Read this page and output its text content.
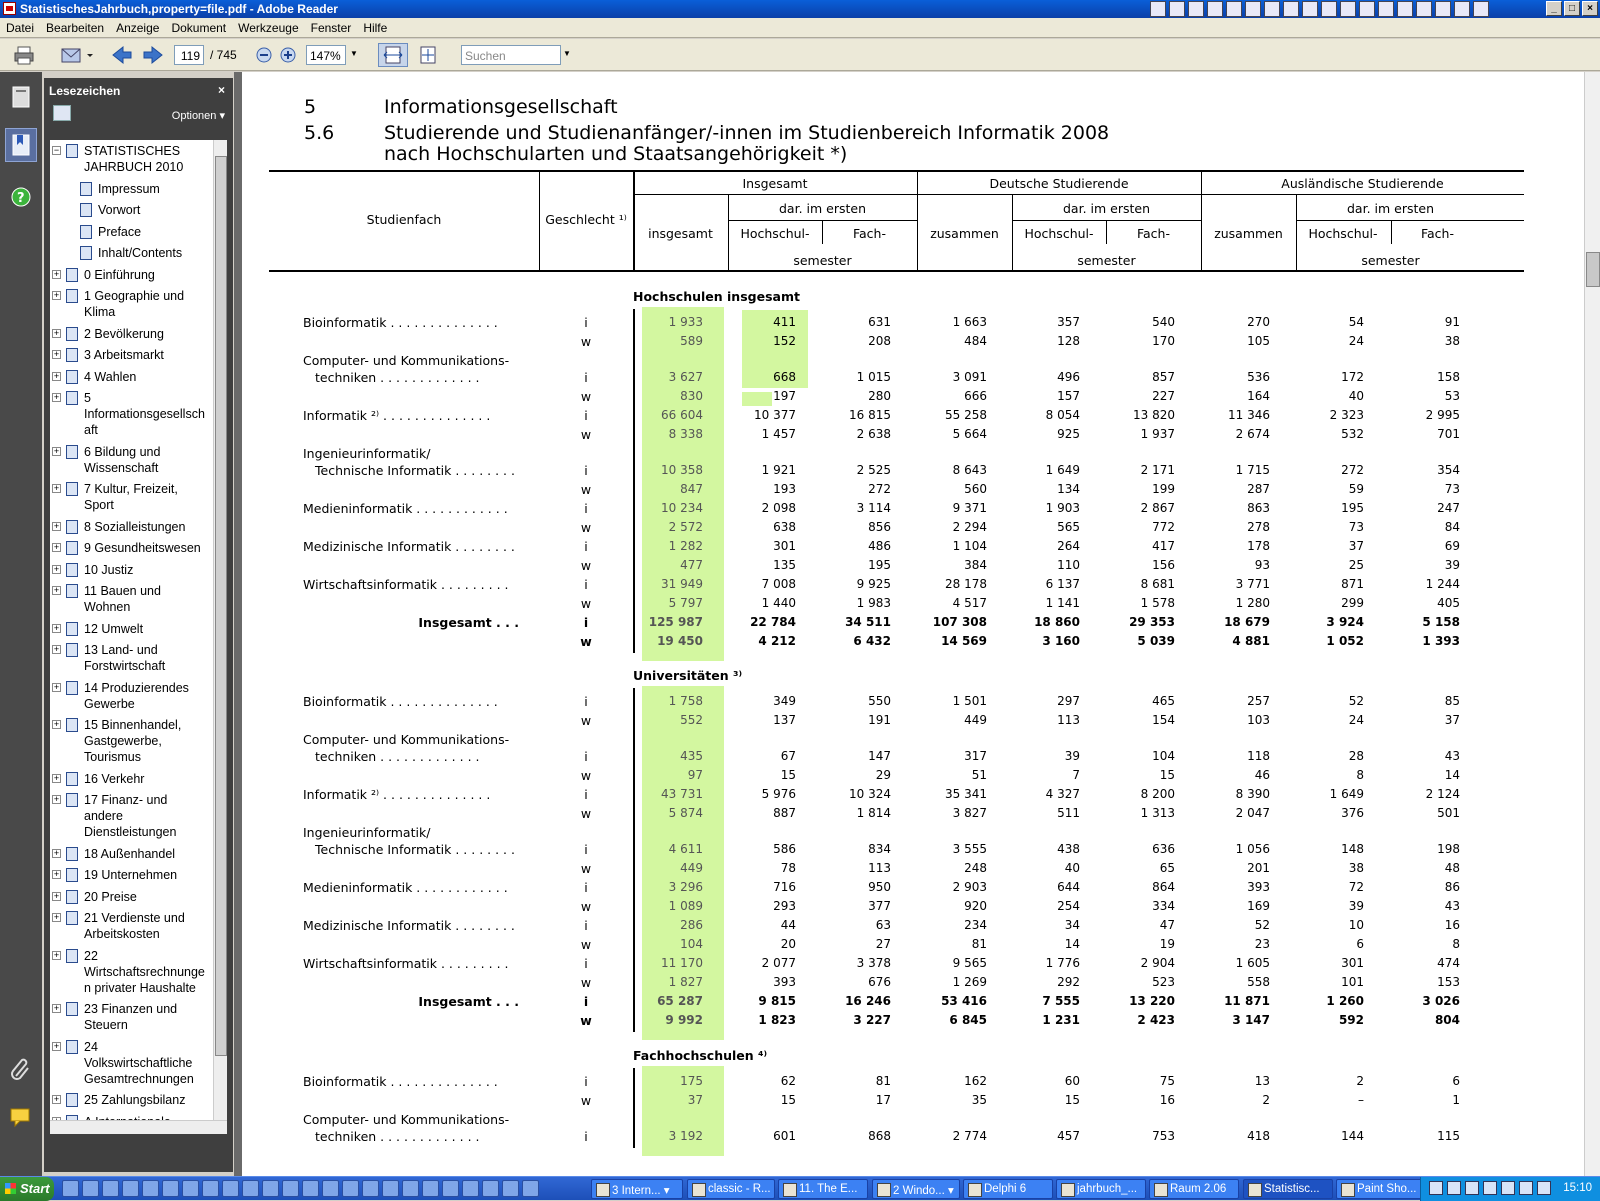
StatistischesJahrbuch,property=file.pdf - Adobe Reader	_	□	×
Datei	Bearbeiten	Anzeige	Dokument	Werkzeuge	Fenster	Hilfe
119 / 745	147%	▼	Suchen	▼
?
Lesezeichen	×
Optionen ▾
− STATISTISCHES
JAHRBUCH 2010
Impressum
Vorwort
Preface
Inhalt/Contents
+ 0 Einführung
+ 1 Geographie und
Klima
+ 2 Bevölkerung
+ 3 Arbeitsmarkt
+ 4 Wahlen
+ 5
Informationsgesellsch
aft
+ 6 Bildung und
Wissenschaft
+ 7 Kultur, Freizeit,
Sport
+ 8 Sozialleistungen
+ 9 Gesundheitswesen
+ 10 Justiz
+ 11 Bauen und
Wohnen
+ 12 Umwelt
+ 13 Land- und
Forstwirtschaft
+ 14 Produzierendes
Gewerbe
+ 15 Binnenhandel,
Gastgewerbe,
Tourismus
+ 16 Verkehr
+ 17 Finanz- und
andere
Dienstleistungen
+ 18 Außenhandel
+ 19 Unternehmen
+ 20 Preise
+ 21 Verdienste und
Arbeitskosten
+ 22
Wirtschaftsrechnunge
n privater Haushalte
+ 23 Finanzen und
Steuern
+ 24
Volkswirtschaftliche
Gesamtrechnungen
+ 25 Zahlungsbilanz
5	Informationsgesellschaft
5.6	Studierende und Studienanfänger/-innen im Studienbereich Informatik 2008
nach Hochschularten und Staatsangehörigkeit *)
Studienfach	Geschlecht ¹⁾
Insgesamt	Deutsche Studierende	Ausländische Studierende
insgesamt	zusammen	zusammen
dar. im ersten
Hochschul-	Fach-
semester
dar. im ersten
Hochschul-	Fach-
semester
dar. im ersten
Hochschul-	Fach-
semester
Hochschulen insgesamt
Bioinformatik . . . . . . . . . . . . . .	i	1 933	411	631	1 663	357	540	270	54	91
w	589	152	208	484	128	170	105	24	38
Computer- und Kommunikations-
techniken . . . . . . . . . . . . .	i	3 627	668	1 015	3 091	496	857	536	172	158
w	830	197	280	666	157	227	164	40	53
Informatik ²⁾ . . . . . . . . . . . . . .	i	66 604	10 377	16 815	55 258	8 054	13 820	11 346	2 323	2 995
w	8 338	1 457	2 638	5 664	925	1 937	2 674	532	701
Ingenieurinformatik/
Technische Informatik . . . . . . . .	i	10 358	1 921	2 525	8 643	1 649	2 171	1 715	272	354
w	847	193	272	560	134	199	287	59	73
Medieninformatik . . . . . . . . . . . .	i	10 234	2 098	3 114	9 371	1 903	2 867	863	195	247
w	2 572	638	856	2 294	565	772	278	73	84
Medizinische Informatik . . . . . . . .	i	1 282	301	486	1 104	264	417	178	37	69
w	477	135	195	384	110	156	93	25	39
Wirtschaftsinformatik . . . . . . . . .	i	31 949	7 008	9 925	28 178	6 137	8 681	3 771	871	1 244
w	5 797	1 440	1 983	4 517	1 141	1 578	1 280	299	405
Insgesamt . . .	i	125 987	22 784	34 511	107 308	18 860	29 353	18 679	3 924	5 158
w	19 450	4 212	6 432	14 569	3 160	5 039	4 881	1 052	1 393
Universitäten ³⁾
Bioinformatik . . . . . . . . . . . . . .	i	1 758	349	550	1 501	297	465	257	52	85
w	552	137	191	449	113	154	103	24	37
Computer- und Kommunikations-
techniken . . . . . . . . . . . . .	i	435	67	147	317	39	104	118	28	43
w	97	15	29	51	7	15	46	8	14
Informatik ²⁾ . . . . . . . . . . . . . .	i	43 731	5 976	10 324	35 341	4 327	8 200	8 390	1 649	2 124
w	5 874	887	1 814	3 827	511	1 313	2 047	376	501
Ingenieurinformatik/
Technische Informatik . . . . . . . .	i	4 611	586	834	3 555	438	636	1 056	148	198
w	449	78	113	248	40	65	201	38	48
Medieninformatik . . . . . . . . . . . .	i	3 296	716	950	2 903	644	864	393	72	86
w	1 089	293	377	920	254	334	169	39	43
Medizinische Informatik . . . . . . . .	i	286	44	63	234	34	47	52	10	16
w	104	20	27	81	14	19	23	6	8
Wirtschaftsinformatik . . . . . . . . .	i	11 170	2 077	3 378	9 565	1 776	2 904	1 605	301	474
w	1 827	393	676	1 269	292	523	558	101	153
Insgesamt . . .	i	65 287	9 815	16 246	53 416	7 555	13 220	11 871	1 260	3 026
w	9 992	1 823	3 227	6 845	1 231	2 423	3 147	592	804
Fachhochschulen ⁴⁾
Bioinformatik . . . . . . . . . . . . . .	i	175	62	81	162	60	75	13	2	6
w	37	15	17	35	15	16	2	–	1
Computer- und Kommunikations-
techniken . . . . . . . . . . . . .	i	3 192	601	868	2 774	457	753	418	144	115
Start	3 Intern... ▾	classic - R...	11. The E...	2 Windo... ▾	Delphi 6	jahrbuch_...	Raum 2.06	Statistisc...	Paint Sho...	15:10
